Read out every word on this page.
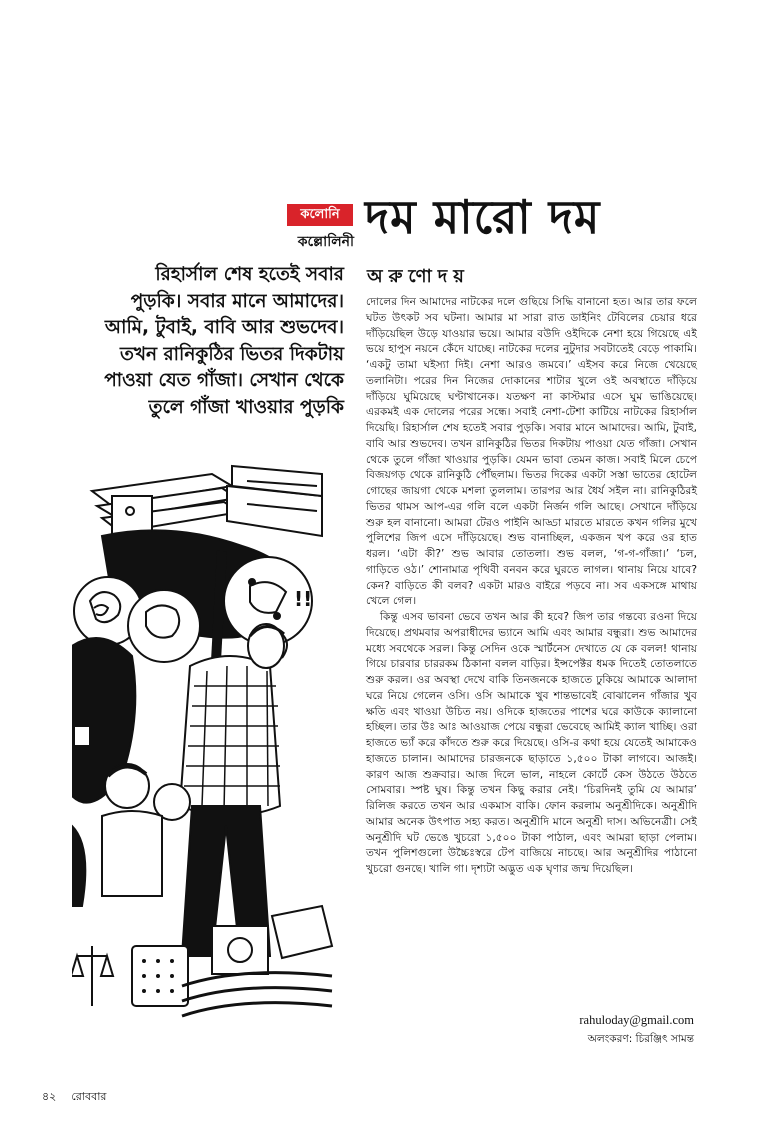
কলোনি
কল্লোলিনী দম মারো দম

রিহার্সাল শেষ হতেই সবার

পুড়কি। সবার মানে আমাদের।

আমি, টুবাই, বাবি আর শুভদেব।

তখন রানিকুঠির ভিতর দিকটায়

পাওয়া যেত গাঁজা। সেখান থেকে

তুলে গাঁজা খাওয়ার পুড়কি

অরুণোদয়

দোলের দিন আমাদের নাটকের দলে গুছিয়ে সিদ্ধি বানানো হত। আর তার ফলে ঘটত উৎকট সব ঘটনা। আমার মা সারা রাত ডাইনিং টেবিলের চেয়ার ধরে দাঁড়িয়েছিল উড়ে যাওয়ার ভয়ে। আমার বউদি ওইদিকে নেশা হয়ে গিয়েছে এই ভয়ে হাপুস নয়নে কেঁদে যাচ্ছে। নাটকের দলের নুটুদার সবটাতেই বেড়ে পাকামি। ‘একটু তামা ঘইস্যা দিই। নেশা আরও জমবে।’ এইসব করে নিজে খেয়েছে তলানিটা। পরের দিন নিজের দোকানের শাটার খুলে ওই অবস্থাতে দাঁড়িয়ে দাঁড়িয়ে ঘুমিয়েছে ঘণ্টাখানেক। যতক্ষণ না কাস্টমার এসে ঘুম ভাঙিয়েছে। এরকমই এক দোলের পরের সন্ধে। সবাই নেশা-টেশা কাটিয়ে নাটকের রিহার্সাল দিয়েছি। রিহার্সাল শেষ হতেই সবার পুড়কি। সবার মানে আমাদের। আমি, টুবাই, বাবি আর শুভদেব। তখন রানিকুঠির ভিতর দিকটায় পাওয়া যেত গাঁজা। সেখান থেকে তুলে গাঁজা খাওয়ার পুড়কি। যেমন ভাবা তেমন কাজ। সবাই মিলে চেপে বিজয়গড় থেকে রানিকুঠি পৌঁছলাম। ভিতর দিকের একটা সস্তা ভাতের হোটেল গোছের জায়গা থেকে মশলা তুললাম। তারপর আর ধৈর্য সইল না। রানিকুঠিরই ভিতর থামস আপ-এর গলি বলে একটা নির্জন গলি আছে। সেখানে দাঁড়িয়ে শুরু হল বানানো। আমরা টেরও পাইনি আড্ডা মারতে মারতে কখন গলির মুখে পুলিশের জিপ এসে দাঁড়িয়েছে। শুভ বানাচ্ছিল, একজন খপ করে ওর হাত ধরল। ‘এটা কী?’ শুভ আবার তোতলা। শুভ বলল, ‘গ-গ-গাঁজা।’ ‘চল, গাড়িতে ওঠ।’ শোনামাত্র পৃথিবী বনবন করে ঘুরতে লাগল। থানায় নিয়ে যাবে? কেন? বাড়িতে কী বলব? একটা মারও বাইরে পড়বে না। সব একসঙ্গে মাথায় খেলে গেল।

কিন্তু এসব ভাবনা ভেবে তখন আর কী হবে? জিপ তার গন্তব্যে রওনা দিয়ে দিয়েছে। প্রথমবার অপরাধীদের ভ্যানে আমি এবং আমার বন্ধুরা। শুভ আমাদের মধ্যে সবথেকে সরল। কিন্তু সেদিন ওকে স্মার্টনেস দেখাতে যে কে বলল! থানায় গিয়ে চারবার চাররকম ঠিকানা বলল বাড়ির। ইন্সপেক্টর ধমক দিতেই তোতলাতে শুরু করল। ওর অবস্থা দেখে বাকি তিনজনকে হাজতে ঢুকিয়ে আমাকে আলাদা ঘরে নিয়ে গেলেন ওসি। ওসি আমাকে খুব শান্তভাবেই বোঝালেন গাঁজার খুব ক্ষতি এবং খাওয়া উচিত নয়। ওদিকে হাজতের পাশের ঘরে কাউকে ক্যালানো হচ্ছিল। তার উঃ আঃ আওয়াজ পেয়ে বন্ধুরা ভেবেছে আমিই ক্যাল খাচ্ছি। ওরা হাজতে ভ্যাঁ করে কাঁদতে শুরু করে দিয়েছে। ওসি-র কথা হয়ে যেতেই আমাকেও হাজতে চালান। আমাদের চারজনকে ছাড়াতে ১,৫০০ টাকা লাগবে। আজই। কারণ আজ শুক্রবার। আজ দিলে ভাল, নাহলে কোর্টে কেস উঠতে উঠতে সোমবার। স্পষ্ট ঘুষ। কিন্তু তখন কিছু করার নেই। ‘চিরদিনই তুমি যে আমার’ রিলিজ করতে তখন আর একমাস বাকি। ফোন করলাম অনুশ্রীদিকে। অনুশ্রীদি আমার অনেক উৎপাত সহ্য করত। অনুশ্রীদি মানে অনুশ্রী দাস। অভিনেত্রী। সেই অনুশ্রীদি ঘট ভেঙে খুচরো ১,৫০০ টাকা পাঠাল, এবং আমরা ছাড়া পেলাম। তখন পুলিশগুলো উচ্চৈঃস্বরে টেপ বাজিয়ে নাচছে। আর অনুশ্রীদির পাঠানো খুচরো গুনছে। খালি গা। দৃশ্যটা অদ্ভুত এক ঘৃণার জন্ম দিয়েছিল।

rahuloday@gmail.com
অলংকরণ: চিরঞ্জিৎ সামন্ত
৪২ রোববার
!!
